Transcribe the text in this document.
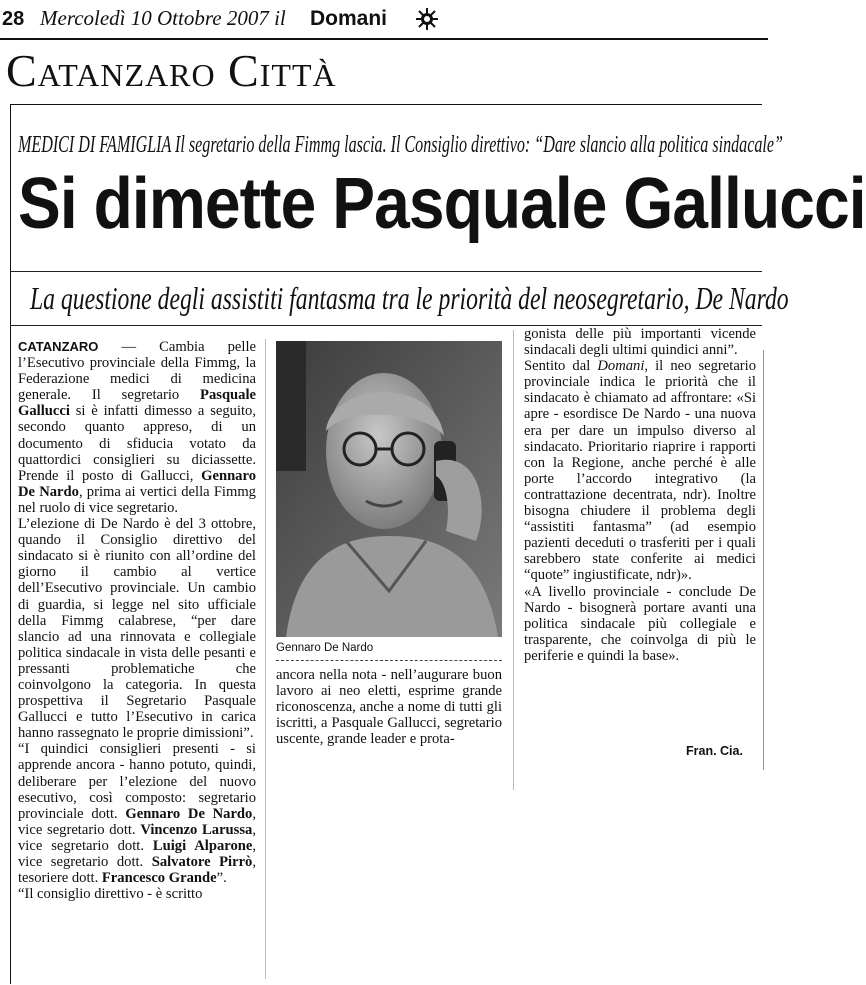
28 Mercoledì 10 Ottobre 2007 il Domani
Catanzaro Città
MEDICI DI FAMIGLIA Il segretario della Fimmg lascia. Il Consiglio direttivo: “Dare slancio alla politica sindacale”
Si dimette Pasquale Gallucci
La questione degli assistiti fantasma tra le priorità del neosegretario, De Nardo

CATANZARO — Cambia pelle l’Esecutivo provinciale della Fimmg, la Federazione medici di medicina generale. Il segretario Pasquale Gallucci si è infatti dimesso a seguito, secondo quanto appreso, di un documento di sfiducia votato da quattordici consiglieri su diciassette. Prende il posto di Gallucci, Gennaro De Nardo, prima ai vertici della Fimmg nel ruolo di vice segretario.
L’elezione di De Nardo è del 3 ottobre, quando il Consiglio direttivo del sindacato si è riunito con all’ordine del giorno il cambio al vertice dell’Esecutivo provinciale. Un cambio di guardia, si legge nel sito ufficiale della Fimmg calabrese, “per dare slancio ad una rinnovata e collegiale politica sindacale in vista delle pesanti e pressanti problematiche che coinvolgono la categoria. In questa prospettiva il Segretario Pasquale Gallucci e tutto l’Esecutivo in carica hanno rassegnato le proprie dimissioni”.
“I quindici consiglieri presenti - si apprende ancora - hanno potuto, quindi, deliberare per l’elezione del nuovo esecutivo, così composto: segretario provinciale dott. Gennaro De Nardo, vice segretario dott. Vincenzo Larussa, vice segretario dott. Luigi Alparone, vice segretario dott. Salvatore Pirrò, tesoriere dott. Francesco Grande”.
“Il consiglio direttivo - è scritto

Gennaro De Nardo

ancora nella nota - nell’augurare buon lavoro ai neo eletti, esprime grande riconoscenza, anche a nome di tutti gli iscritti, a Pasquale Gallucci, segretario uscente, grande leader e prota-

gonista delle più importanti vicende sindacali degli ultimi quindici anni”.
Sentito dal Domani, il neo segretario provinciale indica le priorità che il sindacato è chiamato ad affrontare: «Si apre - esordisce De Nardo - una nuova era per dare un impulso diverso al sindacato. Prioritario riaprire i rapporti con la Regione, anche perché è alle porte l’accordo integrativo (la contrattazione decentrata, ndr). Inoltre bisogna chiudere il problema degli “assistiti fantasma” (ad esempio pazienti deceduti o trasferiti per i quali sarebbero state conferite ai medici “quote” ingiustificate, ndr)».
«A livello provinciale - conclude De Nardo - bisognerà portare avanti una politica sindacale più collegiale e trasparente, che coinvolga di più le periferie e quindi la base».

Fran. Cia.
